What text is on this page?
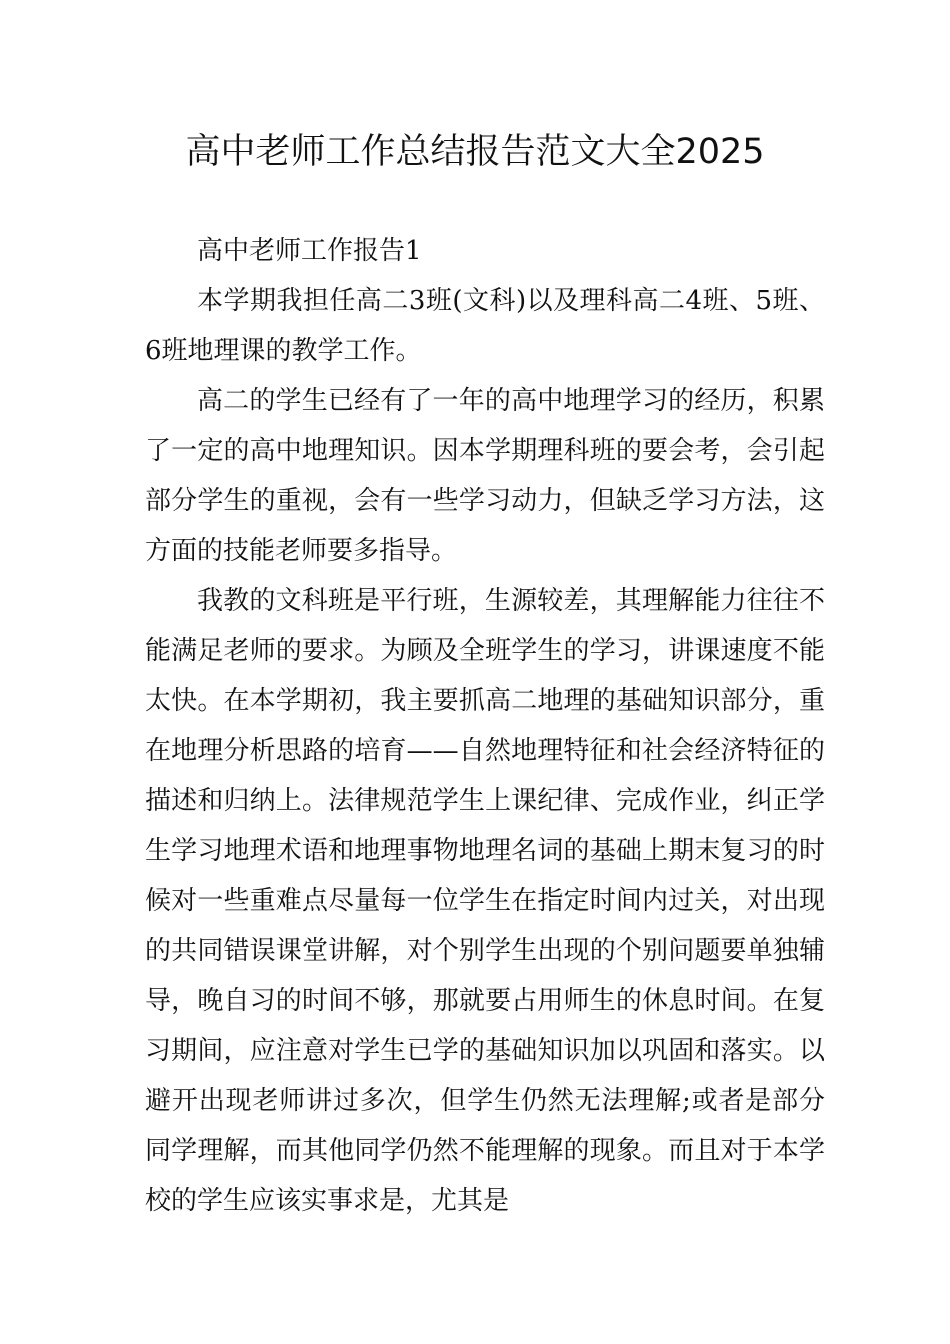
高中老师工作总结报告范文大全2025

高中老师工作报告1

本学期我担任高二3班(文科)以及理科高二4班、5班、6班地理课的教学工作。

高二的学生已经有了一年的高中地理学习的经历，积累了一定的高中地理知识。因本学期理科班的要会考，会引起部分学生的重视，会有一些学习动力，但缺乏学习方法，这方面的技能老师要多指导。

我教的文科班是平行班，生源较差，其理解能力往往不能满足老师的要求。为顾及全班学生的学习，讲课速度不能太快。在本学期初，我主要抓高二地理的基础知识部分，重在地理分析思路的培育——自然地理特征和社会经济特征的描述和归纳上。法律规范学生上课纪律、完成作业，纠正学生学习地理术语和地理事物地理名词的基础上期末复习的时候对一些重难点尽量每一位学生在指定时间内过关，对出现的共同错误课堂讲解，对个别学生出现的个别问题要单独辅导，晚自习的时间不够，那就要占用师生的休息时间。在复习期间，应注意对学生已学的基础知识加以巩固和落实。以避开出现老师讲过多次，但学生仍然无法理解;或者是部分同学理解，而其他同学仍然不能理解的现象。而且对于本学校的学生应该实事求是，尤其是
